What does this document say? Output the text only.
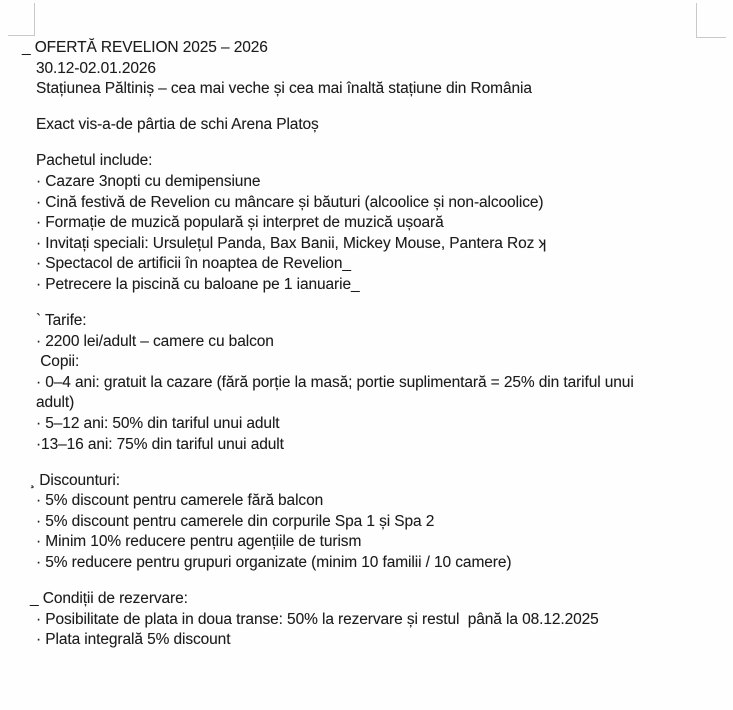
_ OFERTĂ REVELION 2025 – 2026
30.12-02.01.2026
Stațiunea Păltiniș – cea mai veche și cea mai înaltă stațiune din România
Exact vis-a-de pârtia de schi Arena Platoș
Pachetul include:
· Cazare 3nopti cu demipensiune
· Cină festivă de Revelion cu mâncare și băuturi (alcoolice și non-alcoolice)
· Formație de muzică populară și interpret de muzică ușoară
· Invitați speciali: Ursulețul Panda, Bax Banii, Mickey Mouse, Pantera Roz ʞ
· Spectacol de artificii în noaptea de Revelion_
· Petrecere la piscină cu baloane pe 1 ianuarie_
` Tarife:
· 2200 lei/adult – camere cu balcon
Copii:
· 0–4 ani: gratuit la cazare (fără porție la masă; portie suplimentară = 25% din tariful unui
adult)
· 5–12 ani: 50% din tariful unui adult
·13–16 ani: 75% din tariful unui adult
¸ Discounturi:
· 5% discount pentru camerele fără balcon
· 5% discount pentru camerele din corpurile Spa 1 și Spa 2
· Minim 10% reducere pentru agențiile de turism
· 5% reducere pentru grupuri organizate (minim 10 familii / 10 camere)
_ Condiții de rezervare:
· Posibilitate de plata in doua transe: 50% la rezervare și restul  până la 08.12.2025
· Plata integrală 5% discount
